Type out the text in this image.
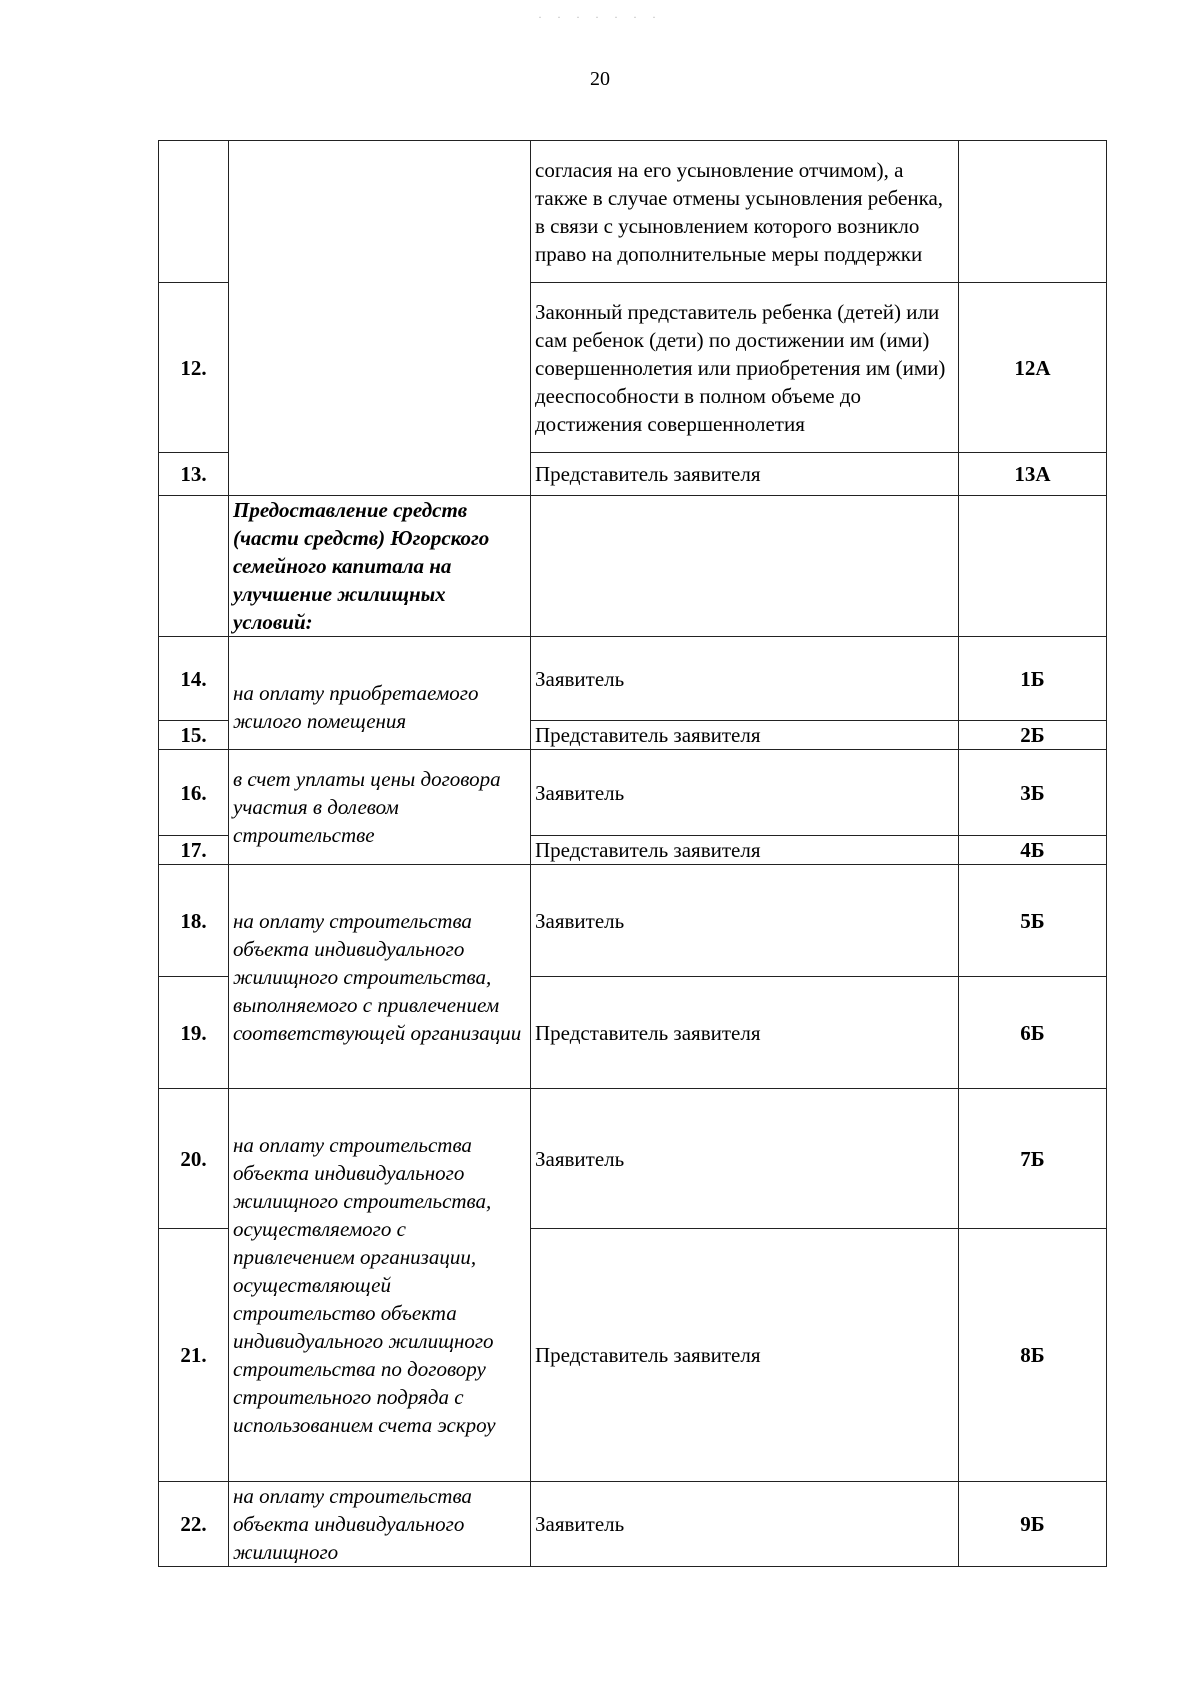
· · · · · · ·
20
		согласия на его усыновление отчимом), а также в случае отмены усыновления ребенка, в связи с усыновлением которого возникло право на дополнительные меры поддержки	
12.		Законный представитель ребенка (детей) или сам ребенок (дети) по достижении им (ими) совершеннолетия или приобретения им (ими) дееспособности в полном объеме до достижения совершеннолетия	12А
13.		Представитель заявителя	13А
	Предоставление средств (части средств) Югорского семейного капитала на улучшение жилищных условий:		
14.	на оплату приобретаемого жилого помещения	Заявитель	1Б
15.		Представитель заявителя	2Б
16.	в счет уплаты цены договора участия в долевом строительстве	Заявитель	3Б
17.		Представитель заявителя	4Б
18.	на оплату строительства объекта индивидуального жилищного строительства, выполняемого с привлечением соответствующей организации	Заявитель	5Б
19.		Представитель заявителя	6Б
20.	на оплату строительства объекта индивидуального жилищного строительства, осуществляемого с привлечением организации, осуществляющей строительство объекта индивидуального жилищного строительства по договору строительного подряда с использованием счета эскроу	Заявитель	7Б
21.		Представитель заявителя	8Б
22.	на оплату строительства объекта индивидуального жилищного	Заявитель	9Б
